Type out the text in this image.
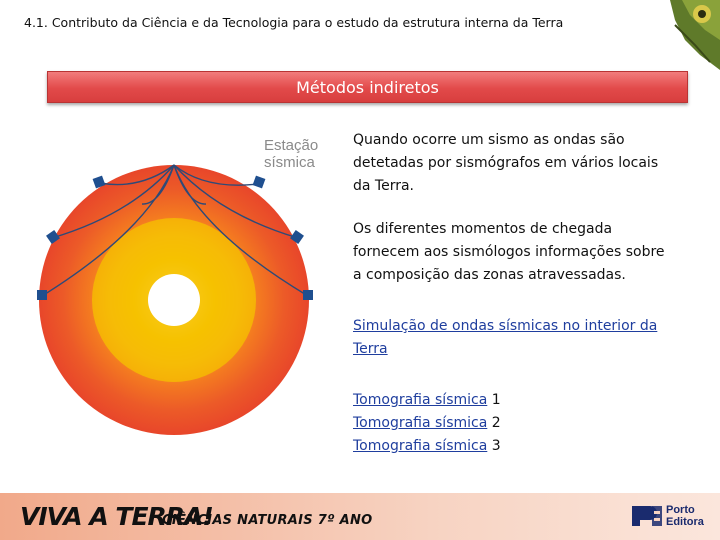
4.1. Contributo da Ciência e da Tecnologia para o estudo da estrutura interna da Terra
Métodos indiretos
Estação
sísmica

Quando ocorre um sismo as ondas são detetadas por sismógrafos em vários locais da Terra.

Os diferentes momentos de chegada fornecem aos sismólogos informações sobre a composição das zonas atravessadas.

Simulação de ondas sísmicas no interior da Terra
Tomografia sísmica 1
Tomografia sísmica 2
Tomografia sísmica 3
VIVA A TERRA!
CIÊNCIAS NATURAIS 7º ANO
Porto
Editora
